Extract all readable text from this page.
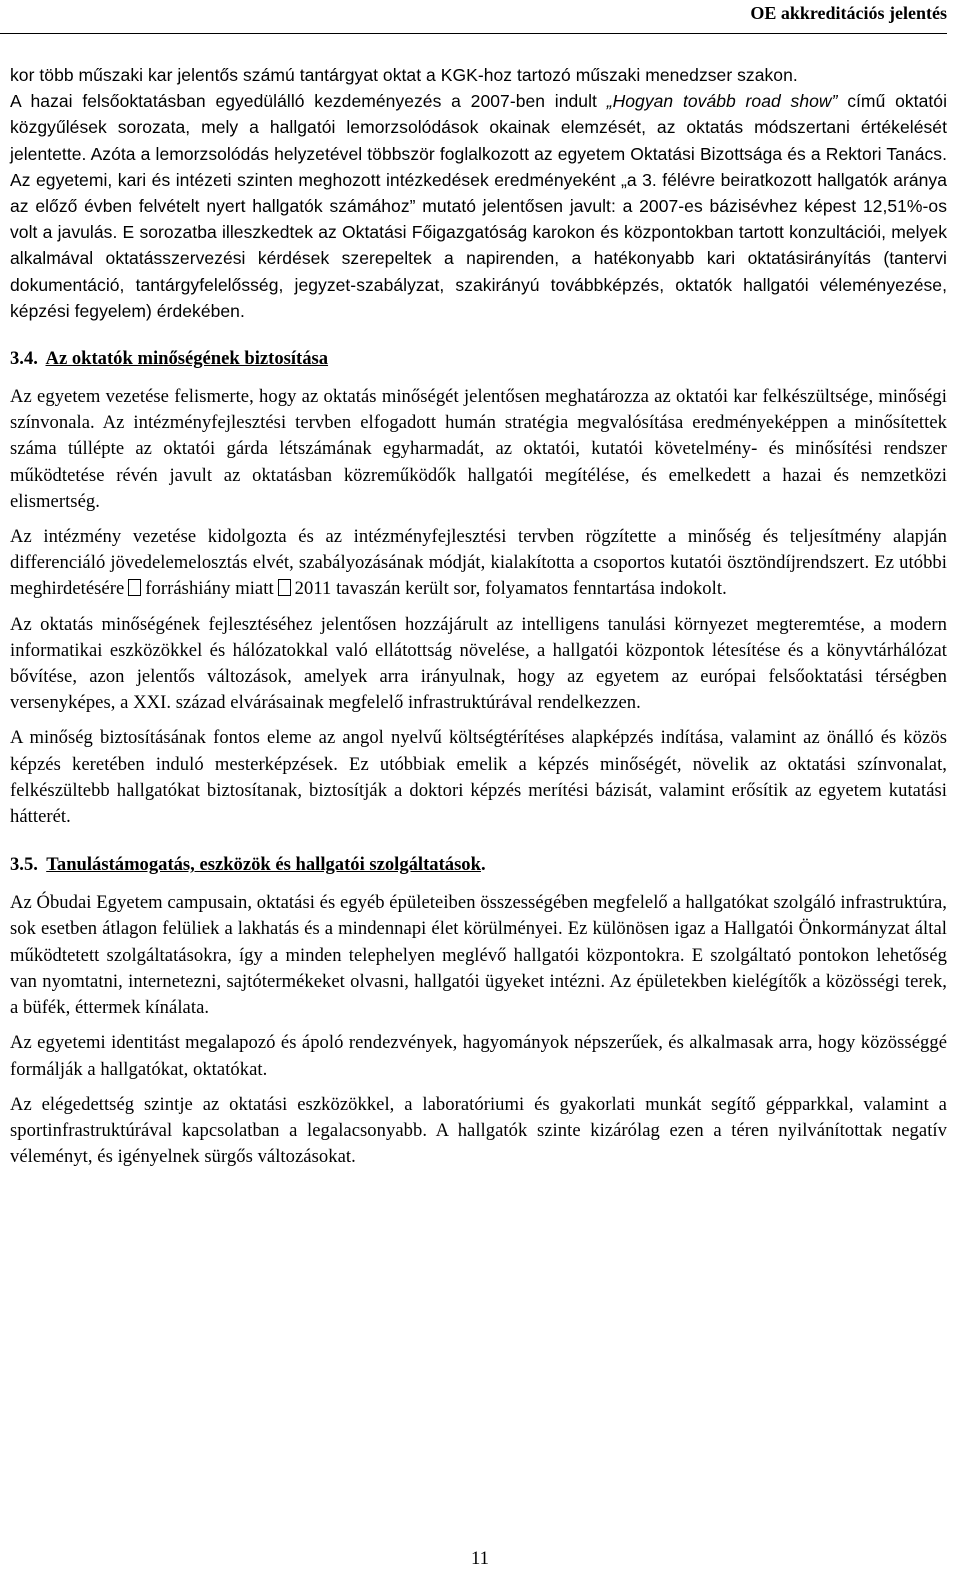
OE akkreditációs jelentés

kor több műszaki kar jelentős számú tantárgyat oktat a KGK-hoz tartozó műszaki menedzser szakon.

A hazai felsőoktatásban egyedülálló kezdeményezés a 2007-ben indult „Hogyan tovább road show” című oktatói közgyűlések sorozata, mely a hallgatói lemorzsolódások okainak elemzését, az oktatás módszertani értékelését jelentette. Azóta a lemorzsolódás helyzetével többször foglalkozott az egyetem Oktatási Bizottsága és a Rektori Tanács. Az egyetemi, kari és intézeti szinten meghozott intézkedések eredményeként „a 3. félévre beiratkozott hallgatók aránya az előző évben felvételt nyert hallgatók számához” mutató jelentősen javult: a 2007-es bázisévhez képest 12,51%-os volt a javulás. E sorozatba illeszkedtek az Oktatási Főigazgatóság karokon és központokban tartott konzultációi, melyek alkalmával oktatásszervezési kérdések szerepeltek a napirenden, a hatékonyabb kari oktatásirányítás (tantervi dokumentáció, tantárgyfelelősség, jegyzet-szabályzat, szakirányú továbbképzés, oktatók hallgatói véleményezése, képzési fegyelem) érdekében.

3.4. Az oktatók minőségének biztosítása

Az egyetem vezetése felismerte, hogy az oktatás minőségét jelentősen meghatározza az oktatói kar felkészültsége, minőségi színvonala. Az intézményfejlesztési tervben elfogadott humán stratégia megvalósítása eredményeképpen a minősítettek száma túllépte az oktatói gárda létszámának egyharmadát, az oktatói, kutatói követelmény- és minősítési rendszer működtetése révén javult az oktatásban közreműködők hallgatói megítélése, és emelkedett a hazai és nemzetközi elismertség.

Az intézmény vezetése kidolgozta és az intézményfejlesztési tervben rögzítette a minőség és teljesítmény alapján differenciáló jövedelemelosztás elvét, szabályozásának módját, kialakította a csoportos kutatói ösztöndíjrendszert. Ez utóbbi meghirdetésére forráshiány miatt 2011 tavaszán került sor, folyamatos fenntartása indokolt.

Az oktatás minőségének fejlesztéséhez jelentősen hozzájárult az intelligens tanulási környezet megteremtése, a modern informatikai eszközökkel és hálózatokkal való ellátottság növelése, a hallgatói központok létesítése és a könyvtárhálózat bővítése, azon jelentős változások, amelyek arra irányulnak, hogy az egyetem az európai felsőoktatási térségben versenyképes, a XXI. század elvárásainak megfelelő infrastruktúrával rendelkezzen.

A minőség biztosításának fontos eleme az angol nyelvű költségtérítéses alapképzés indítása, valamint az önálló és közös képzés keretében induló mesterképzések. Ez utóbbiak emelik a képzés minőségét, növelik az oktatási színvonalat, felkészültebb hallgatókat biztosítanak, biztosítják a doktori képzés merítési bázisát, valamint erősítik az egyetem kutatási hátterét.

3.5. Tanulástámogatás, eszközök és hallgatói szolgáltatások.

Az Óbudai Egyetem campusain, oktatási és egyéb épületeiben összességében megfelelő a hallgatókat szolgáló infrastruktúra, sok esetben átlagon felüliek a lakhatás és a mindennapi élet körülményei. Ez különösen igaz a Hallgatói Önkormányzat által működtetett szolgáltatásokra, így a minden telephelyen meglévő hallgatói központokra. E szolgáltató pontokon lehetőség van nyomtatni, internetezni, sajtótermékeket olvasni, hallgatói ügyeket intézni. Az épületekben kielégítők a közösségi terek, a büfék, éttermek kínálata.

Az egyetemi identitást megalapozó és ápoló rendezvények, hagyományok népszerűek, és alkalmasak arra, hogy közösséggé formálják a hallgatókat, oktatókat.

Az elégedettség szintje az oktatási eszközökkel, a laboratóriumi és gyakorlati munkát segítő gépparkkal, valamint a sportinfrastruktúrával kapcsolatban a legalacsonyabb. A hallgatók szinte kizárólag ezen a téren nyilvánítottak negatív véleményt, és igényelnek sürgős változásokat.

11
